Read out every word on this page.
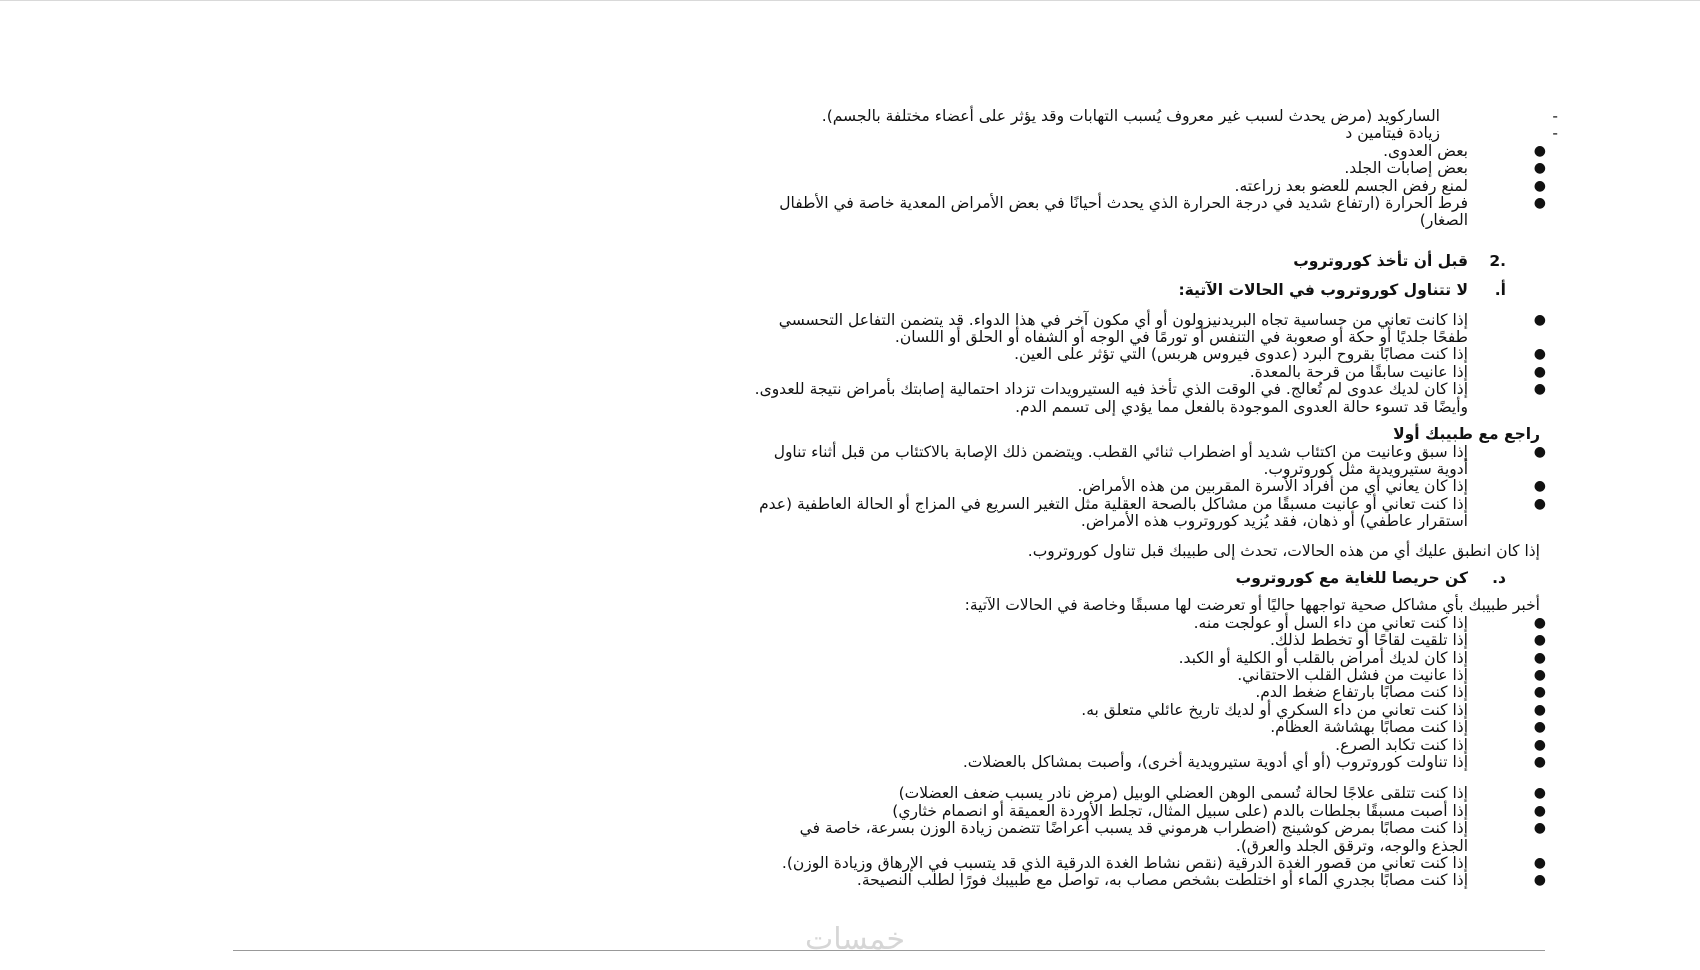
-
الساركويد (مرض يحدث لسبب غير معروف يُسبب التهابات وقد يؤثر على أعضاء مختلفة بالجسم).
-
زيادة فيتامين د
●
بعض العدوى.
●
بعض إصابات الجلد.
●
لمنع رفض الجسم للعضو بعد زراعته.
●
فرط الحرارة (ارتفاع شديد في درجة الحرارة الذي يحدث أحيانًا في بعض الأمراض المعدية خاصة في الأطفال
الصغار)
.2
قبل أن تأخذ كوروتروب
أ.
لا تتناول كوروتروب في الحالات الآتية:
●
إذا كانت تعاني من حساسية تجاه البريدنيزولون أو أي مكون آخر في هذا الدواء. قد يتضمن التفاعل التحسسي
طفحًا جلديًا أو حكة أو صعوبة في التنفس أو تورمًا في الوجه أو الشفاه أو الحلق أو اللسان.
●
إذا كنت مصابًا بقروح البرد (عدوى فيروس هربس) التي تؤثر على العين.
●
إذا عانيت سابقًا من قرحة بالمعدة.
●
إذا كان لديك عدوى لم تُعالج. في الوقت الذي تأخذ فيه الستيرويدات تزداد احتمالية إصابتك بأمراض نتيجة للعدوى.
وأيضًا قد تسوء حالة العدوى الموجودة بالفعل مما يؤدي إلى تسمم الدم.
راجع مع طبيبك أولا
●
إذا سبق وعانيت من اكتئاب شديد أو اضطراب ثنائي القطب. ويتضمن ذلك الإصابة بالاكتئاب من قبل أثناء تناول
أدوية ستيرويدية مثل كوروتروب.
●
إذا كان يعاني أي من أفراد الأسرة المقربين من هذه الأمراض.
●
إذا كنت تعاني أو عانيت مسبقًا من مشاكل بالصحة العقلية مثل التغير السريع في المزاج أو الحالة العاطفية (عدم
استقرار عاطفي) أو ذهان، فقد يُزيد كوروتروب هذه الأمراض.
إذا كان انطبق عليك أي من هذه الحالات، تحدث إلى طبيبك قبل تناول كوروتروب.
د.
كن حريصا للغاية مع كوروتروب
أخبر طبيبك بأي مشاكل صحية تواجهها حاليًا أو تعرضت لها مسبقًا وخاصة في الحالات الآتية:
●
إذا كنت تعاني من داء السل أو عولجت منه.
●
إذا تلقيت لقاحًا أو تخطط لذلك.
●
إذا كان لديك أمراض بالقلب أو الكلية أو الكبد.
●
إذا عانيت من فشل القلب الاحتقاني.
●
إذا كنت مصابًا بارتفاع ضغط الدم.
●
إذا كنت تعاني من داء السكري أو لديك تاريخ عائلي متعلق به.
●
إذا كنت مصابًا بهشاشة العظام.
●
إذا كنت تكابد الصرع.
●
إذا تناولت كوروتروب (أو أي أدوية ستيرويدية أخرى)، وأصبت بمشاكل بالعضلات.
●
إذا كنت تتلقى علاجًا لحالة تُسمى الوهن العضلي الوبيل (مرض نادر يسبب ضعف العضلات)
●
إذا أصبت مسبقًا بجلطات بالدم (على سبيل المثال، تجلط الأوردة العميقة أو انصمام خثاري)
●
إذا كنت مصابًا بمرض كوشينج (اضطراب هرموني قد يسبب أعراضًا تتضمن زيادة الوزن بسرعة، خاصة في
الجذع والوجه، وترقق الجلد والعرق).
●
إذا كنت تعاني من قصور الغدة الدرقية (نقص نشاط الغدة الدرقية الذي قد يتسبب في الإرهاق وزيادة الوزن).
●
إذا كنت مصابًا بجدري الماء أو اختلطت بشخص مصاب به، تواصل مع طبيبك فورًا لطلب النصيحة.
خمسات
